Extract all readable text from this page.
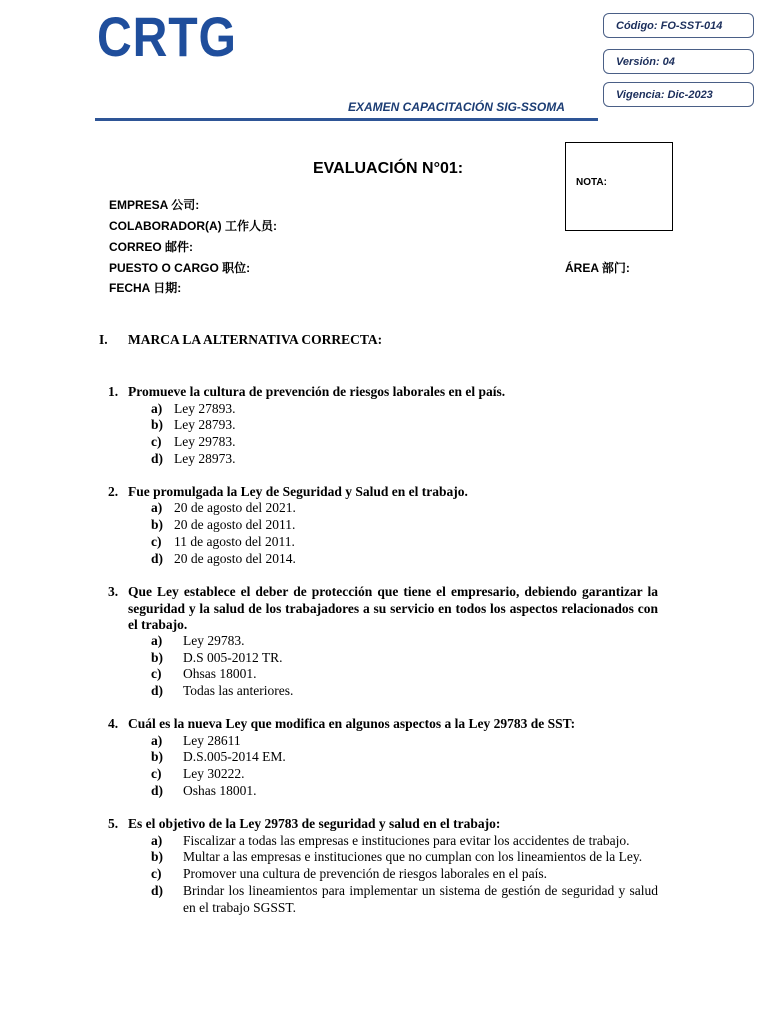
CRTG	Código: FO-SST-014
Versión: 04
Vigencia: Dic-2023
EXAMEN CAPACITACIÓN SIG-SSOMA
EVALUACIÓN N°01:
NOTA:
EMPRESA 公司:
COLABORADOR(A) 工作人员:
CORREO 邮件:
PUESTO O CARGO 职位:
FECHA 日期:
ÁREA 部门:
I. MARCA LA ALTERNATIVA CORRECTA:
1. Promueve la cultura de prevención de riesgos laborales en el país.
a) Ley 27893.
b) Ley 28793.
c) Ley 29783.
d) Ley 28973.
2. Fue promulgada la Ley de Seguridad y Salud en el trabajo.
a) 20 de agosto del 2021.
b) 20 de agosto del 2011.
c) 11 de agosto del 2011.
d) 20 de agosto del 2014.
3. Que Ley establece el deber de protección que tiene el empresario, debiendo garantizar la seguridad y la salud de los trabajadores a su servicio en todos los aspectos relacionados con el trabajo.
a) Ley 29783.
b) D.S 005-2012 TR.
c) Ohsas 18001.
d) Todas las anteriores.
4. Cuál es la nueva Ley que modifica en algunos aspectos a la Ley 29783 de SST:
a) Ley 28611
b) D.S.005-2014 EM.
c) Ley 30222.
d) Oshas 18001.
5. Es el objetivo de la Ley 29783 de seguridad y salud en el trabajo:
a) Fiscalizar a todas las empresas e instituciones para evitar los accidentes de trabajo.
b) Multar a las empresas e instituciones que no cumplan con los lineamientos de la Ley.
c) Promover una cultura de prevención de riesgos laborales en el país.
d) Brindar los lineamientos para implementar un sistema de gestión de seguridad y salud en el trabajo SGSST.
